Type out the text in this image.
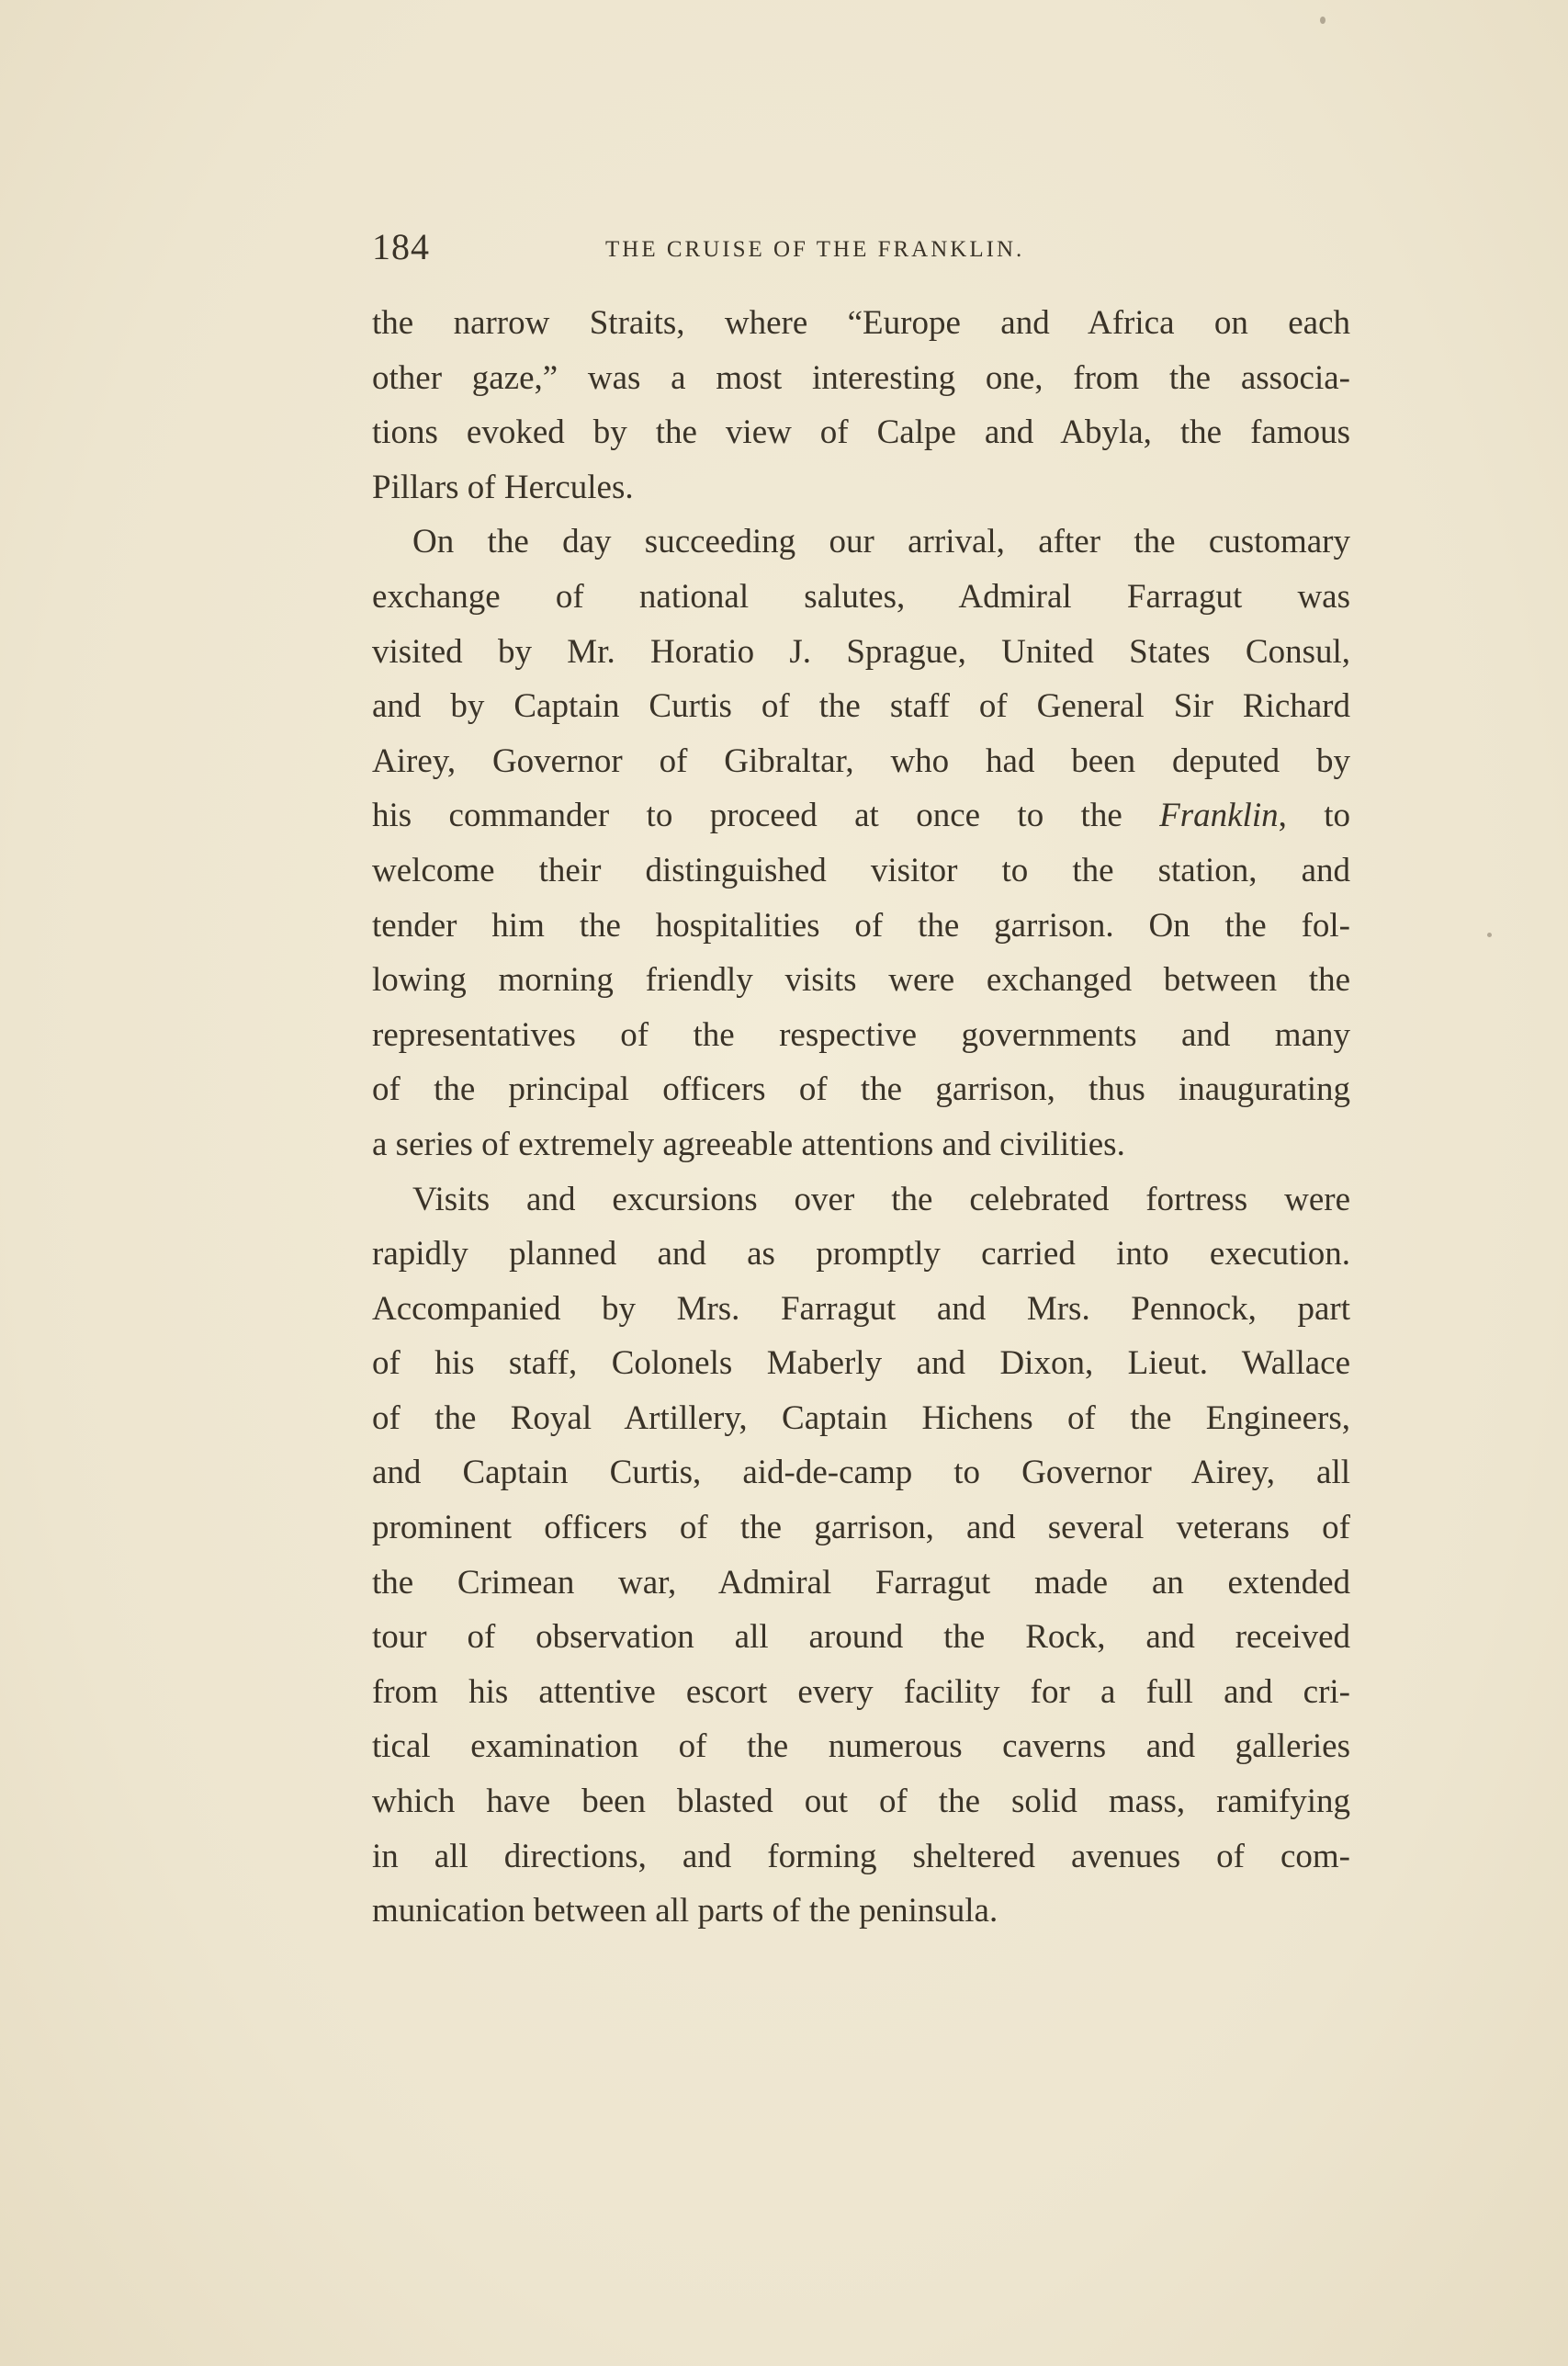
184	THE CRUISE OF THE FRANKLIN.
the narrow Straits, where “Europe and Africa on each
other gaze,” was a most interesting one, from the associa-
tions evoked by the view of Calpe and Abyla, the famous
Pillars of Hercules.
On the day succeeding our arrival, after the customary
exchange of national salutes, Admiral Farragut was
visited by Mr. Horatio J. Sprague, United States Consul,
and by Captain Curtis of the staff of General Sir Richard
Airey, Governor of Gibraltar, who had been deputed by
his commander to proceed at once to the Franklin, to
welcome their distinguished visitor to the station, and
tender him the hospitalities of the garrison. On the fol-
lowing morning friendly visits were exchanged between the
representatives of the respective governments and many
of the principal officers of the garrison, thus inaugurating
a series of extremely agreeable attentions and civilities.
Visits and excursions over the celebrated fortress were
rapidly planned and as promptly carried into execution.
Accompanied by Mrs. Farragut and Mrs. Pennock, part
of his staff, Colonels Maberly and Dixon, Lieut. Wallace
of the Royal Artillery, Captain Hichens of the Engineers,
and Captain Curtis, aid-de-camp to Governor Airey, all
prominent officers of the garrison, and several veterans of
the Crimean war, Admiral Farragut made an extended
tour of observation all around the Rock, and received
from his attentive escort every facility for a full and cri-
tical examination of the numerous caverns and galleries
which have been blasted out of the solid mass, ramifying
in all directions, and forming sheltered avenues of com-
munication between all parts of the peninsula.
